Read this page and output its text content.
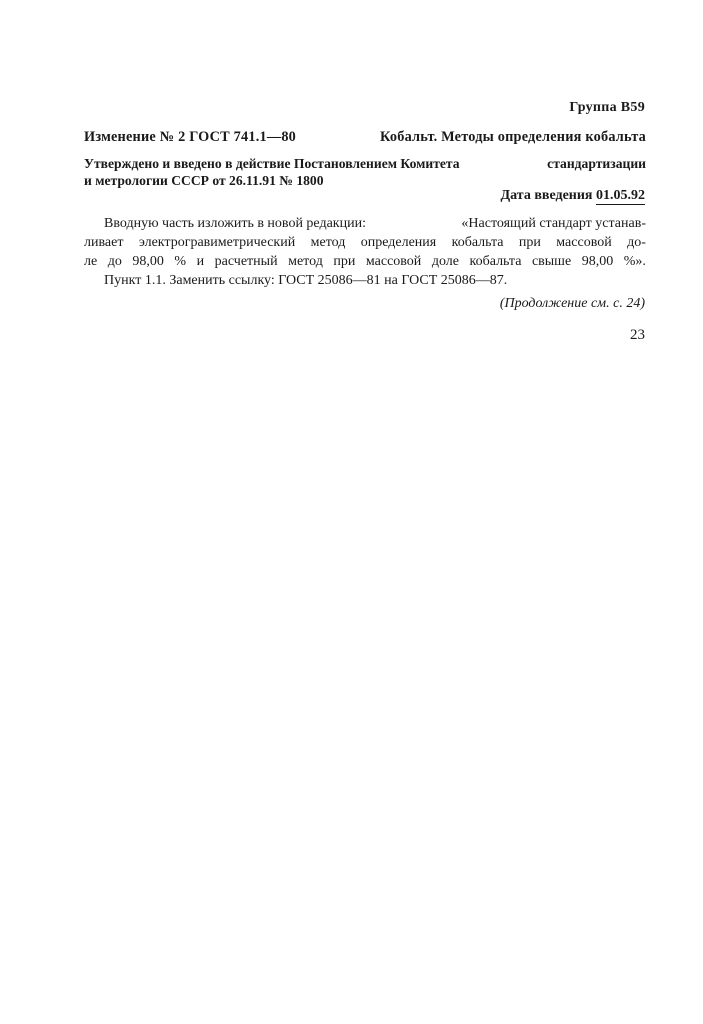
Группа В59
Изменение № 2 ГОСТ 741.1—80	Кобальт. Методы определения кобальта
Утверждено и введено в действие Постановлением Комитета	стандартизации
и метрологии СССР от 26.11.91 № 1800
Дата введения 01.05.92
Вводную часть изложить в новой редакции:	«Настоящий стандарт устанав-
ливает электрогравиметрический метод определения кобальта при массовой до-
ле до 98,00 % и расчетный метод при массовой доле кобальта свыше 98,00 %».

Пункт 1.1. Заменить ссылку: ГОСТ 25086—81 на ГОСТ 25086—87.

(Продолжение см. с. 24)
23
